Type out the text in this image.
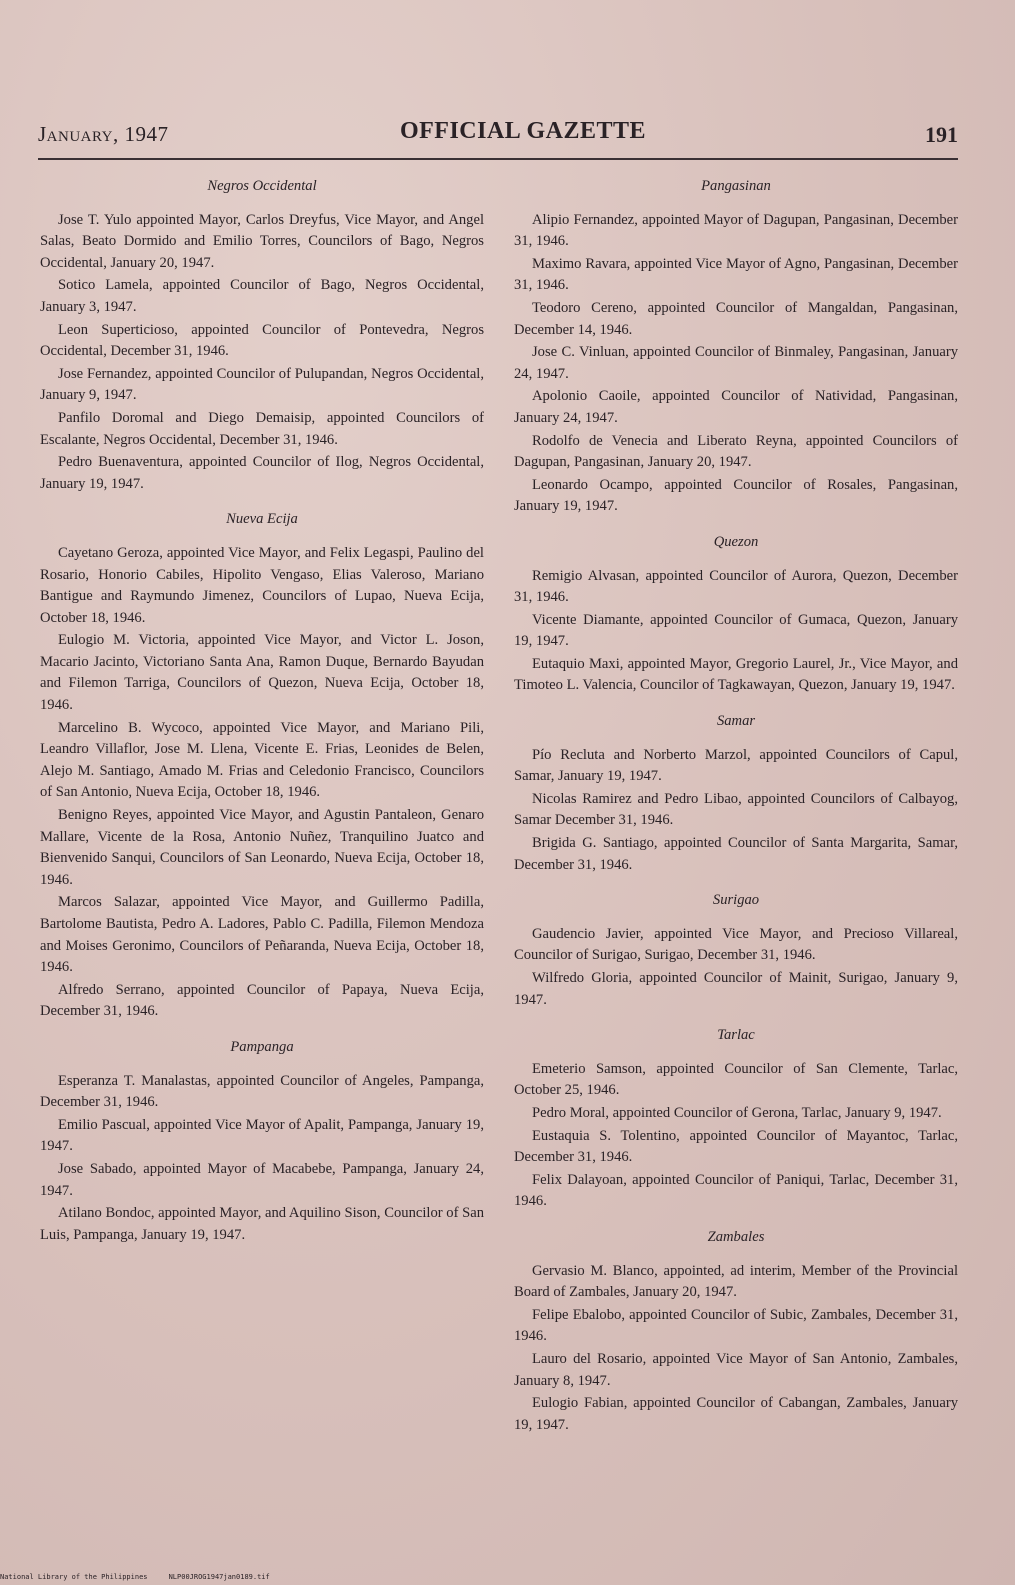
January, 1947	OFFICIAL GAZETTE	191
Negros Occidental

Jose T. Yulo appointed Mayor, Carlos Dreyfus, Vice Mayor, and Angel Salas, Beato Dormido and Emilio Torres, Councilors of Bago, Negros Occidental, January 20, 1947.

Sotico Lamela, appointed Councilor of Bago, Negros Occidental, January 3, 1947.

Leon Superticioso, appointed Councilor of Pontevedra, Negros Occidental, December 31, 1946.

Jose Fernandez, appointed Councilor of Pulupandan, Negros Occidental, January 9, 1947.

Panfilo Doromal and Diego Demaisip, appointed Councilors of Escalante, Negros Occidental, December 31, 1946.

Pedro Buenaventura, appointed Councilor of Ilog, Negros Occidental, January 19, 1947.

Nueva Ecija

Cayetano Geroza, appointed Vice Mayor, and Felix Legaspi, Paulino del Rosario, Honorio Cabiles, Hipolito Vengaso, Elias Valeroso, Mariano Bantigue and Raymundo Jimenez, Councilors of Lupao, Nueva Ecija, October 18, 1946.

Eulogio M. Victoria, appointed Vice Mayor, and Victor L. Joson, Macario Jacinto, Victoriano Santa Ana, Ramon Duque, Bernardo Bayudan and Filemon Tarriga, Councilors of Quezon, Nueva Ecija, October 18, 1946.

Marcelino B. Wycoco, appointed Vice Mayor, and Mariano Pili, Leandro Villaflor, Jose M. Llena, Vicente E. Frias, Leonides de Belen, Alejo M. Santiago, Amado M. Frias and Celedonio Francisco, Councilors of San Antonio, Nueva Ecija, October 18, 1946.

Benigno Reyes, appointed Vice Mayor, and Agustin Pantaleon, Genaro Mallare, Vicente de la Rosa, Antonio Nuñez, Tranquilino Juatco and Bienvenido Sanqui, Councilors of San Leonardo, Nueva Ecija, October 18, 1946.

Marcos Salazar, appointed Vice Mayor, and Guillermo Padilla, Bartolome Bautista, Pedro A. Ladores, Pablo C. Padilla, Filemon Mendoza and Moises Geronimo, Councilors of Peñaranda, Nueva Ecija, October 18, 1946.

Alfredo Serrano, appointed Councilor of Papaya, Nueva Ecija, December 31, 1946.

Pampanga

Esperanza T. Manalastas, appointed Councilor of Angeles, Pampanga, December 31, 1946.

Emilio Pascual, appointed Vice Mayor of Apalit, Pampanga, January 19, 1947.

Jose Sabado, appointed Mayor of Macabebe, Pampanga, January 24, 1947.

Atilano Bondoc, appointed Mayor, and Aquilino Sison, Councilor of San Luis, Pampanga, January 19, 1947.

Pangasinan

Alipio Fernandez, appointed Mayor of Dagupan, Pangasinan, December 31, 1946.

Maximo Ravara, appointed Vice Mayor of Agno, Pangasinan, December 31, 1946.

Teodoro Cereno, appointed Councilor of Mangaldan, Pangasinan, December 14, 1946.

Jose C. Vinluan, appointed Councilor of Binmaley, Pangasinan, January 24, 1947.

Apolonio Caoile, appointed Councilor of Natividad, Pangasinan, January 24, 1947.

Rodolfo de Venecia and Liberato Reyna, appointed Councilors of Dagupan, Pangasinan, January 20, 1947.

Leonardo Ocampo, appointed Councilor of Rosales, Pangasinan, January 19, 1947.

Quezon

Remigio Alvasan, appointed Councilor of Aurora, Quezon, December 31, 1946.

Vicente Diamante, appointed Councilor of Gumaca, Quezon, January 19, 1947.

Eutaquio Maxi, appointed Mayor, Gregorio Laurel, Jr., Vice Mayor, and Timoteo L. Valencia, Councilor of Tagkawayan, Quezon, January 19, 1947.

Samar

Pío Recluta and Norberto Marzol, appointed Councilors of Capul, Samar, January 19, 1947.

Nicolas Ramirez and Pedro Libao, appointed Councilors of Calbayog, Samar December 31, 1946.

Brigida G. Santiago, appointed Councilor of Santa Margarita, Samar, December 31, 1946.

Surigao

Gaudencio Javier, appointed Vice Mayor, and Precioso Villareal, Councilor of Surigao, Surigao, December 31, 1946.

Wilfredo Gloria, appointed Councilor of Mainit, Surigao, January 9, 1947.

Tarlac

Emeterio Samson, appointed Councilor of San Clemente, Tarlac, October 25, 1946.

Pedro Moral, appointed Councilor of Gerona, Tarlac, January 9, 1947.

Eustaquia S. Tolentino, appointed Councilor of Mayantoc, Tarlac, December 31, 1946.

Felix Dalayoan, appointed Councilor of Paniqui, Tarlac, December 31, 1946.

Zambales

Gervasio M. Blanco, appointed, ad interim, Member of the Provincial Board of Zambales, January 20, 1947.

Felipe Ebalobo, appointed Councilor of Subic, Zambales, December 31, 1946.

Lauro del Rosario, appointed Vice Mayor of San Antonio, Zambales, January 8, 1947.

Eulogio Fabian, appointed Councilor of Cabangan, Zambales, January 19, 1947.

National Library of the Philippines	NLP00JROG1947jan0189.tif
